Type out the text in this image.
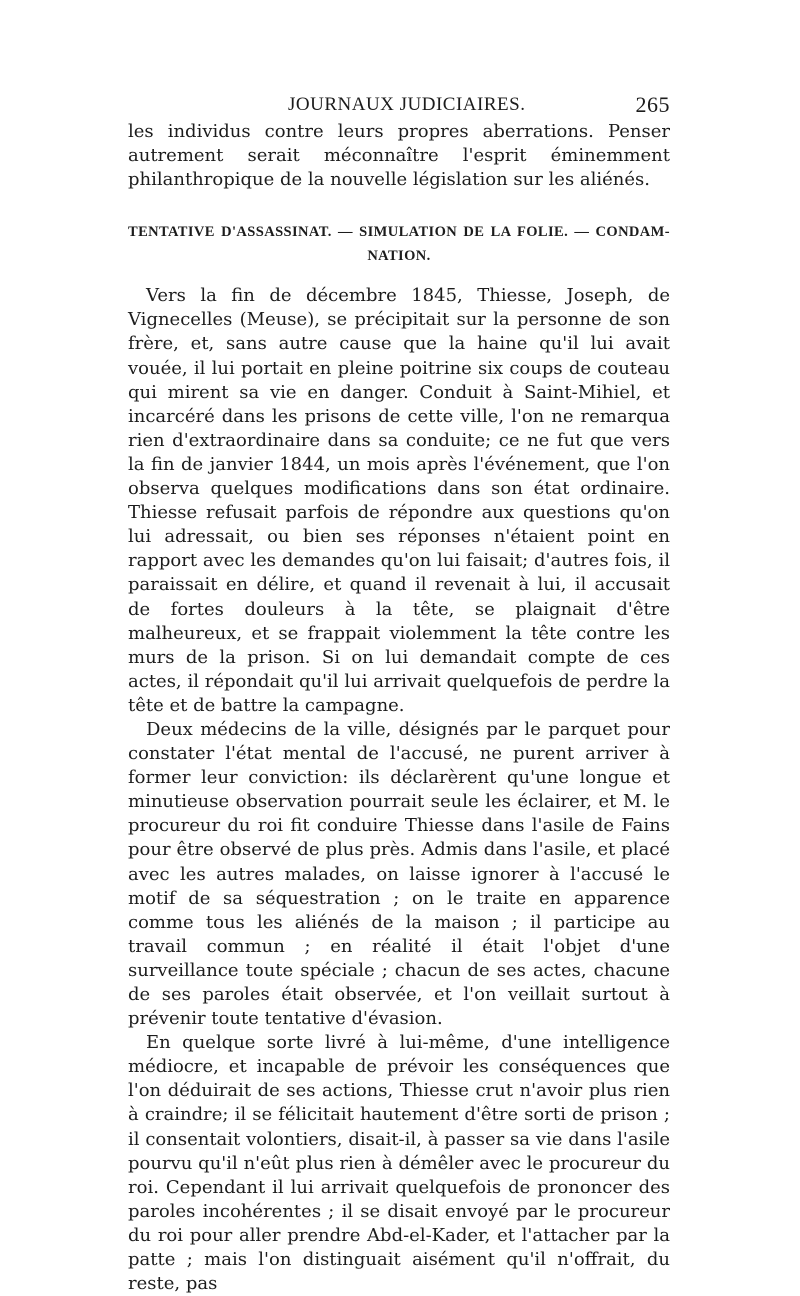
JOURNAUX JUDICIAIRES.	265

les individus contre leurs propres aberrations. Penser autrement serait méconnaître l'esprit éminemment philanthropique de la nouvelle législation sur les aliénés.

TENTATIVE D'ASSASSINAT. — SIMULATION DE LA FOLIE. — CONDAM-
NATION.

Vers la fin de décembre 1845, Thiesse, Joseph, de Vignecelles (Meuse), se précipitait sur la personne de son frère, et, sans autre cause que la haine qu'il lui avait vouée, il lui portait en pleine poitrine six coups de couteau qui mirent sa vie en danger. Conduit à Saint-Mihiel, et incarcéré dans les prisons de cette ville, l'on ne remarqua rien d'extraordinaire dans sa conduite; ce ne fut que vers la fin de janvier 1844, un mois après l'événement, que l'on observa quelques modifications dans son état ordinaire. Thiesse refusait parfois de répondre aux questions qu'on lui adressait, ou bien ses réponses n'étaient point en rapport avec les demandes qu'on lui faisait; d'autres fois, il paraissait en délire, et quand il revenait à lui, il accusait de fortes douleurs à la tête, se plaignait d'être malheureux, et se frappait violemment la tête contre les murs de la prison. Si on lui demandait compte de ces actes, il répondait qu'il lui arrivait quelquefois de perdre la tête et de battre la campagne.

Deux médecins de la ville, désignés par le parquet pour constater l'état mental de l'accusé, ne purent arriver à former leur conviction: ils déclarèrent qu'une longue et minutieuse observation pourrait seule les éclairer, et M. le procureur du roi fit conduire Thiesse dans l'asile de Fains pour être observé de plus près. Admis dans l'asile, et placé avec les autres malades, on laisse ignorer à l'accusé le motif de sa séquestration ; on le traite en apparence comme tous les aliénés de la maison ; il participe au travail commun ; en réalité il était l'objet d'une surveillance toute spéciale ; chacun de ses actes, chacune de ses paroles était observée, et l'on veillait surtout à prévenir toute tentative d'évasion.

En quelque sorte livré à lui-même, d'une intelligence médiocre, et incapable de prévoir les conséquences que l'on déduirait de ses actions, Thiesse crut n'avoir plus rien à craindre; il se félicitait hautement d'être sorti de prison ; il consentait volontiers, disait-il, à passer sa vie dans l'asile pourvu qu'il n'eût plus rien à démêler avec le procureur du roi. Cependant il lui arrivait quelquefois de prononcer des paroles incohérentes ; il se disait envoyé par le procureur du roi pour aller prendre Abd-el-Kader, et l'attacher par la patte ; mais l'on distinguait aisément qu'il n'offrait, du reste, pas
